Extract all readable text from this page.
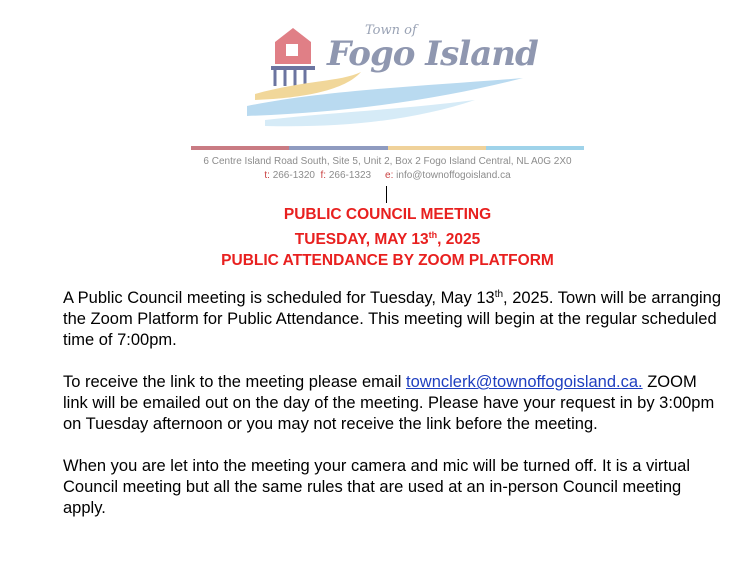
Town of
Fogo Island
6 Centre Island Road South, Site 5, Unit 2, Box 2 Fogo Island Central, NL A0G 2X0
t: 266-1320 f: 266-1323 e: info@townoffogoisland.ca
PUBLIC COUNCIL MEETING
TUESDAY, MAY 13th, 2025
PUBLIC ATTENDANCE BY ZOOM PLATFORM

A Public Council meeting is scheduled for Tuesday, May 13th, 2025. Town will be arranging the Zoom Platform for Public Attendance. This meeting will begin at the regular scheduled time of 7:00pm.

To receive the link to the meeting please email townclerk@townoffogoisland.ca. ZOOM link will be emailed out on the day of the meeting. Please have your request in by 3:00pm on Tuesday afternoon or you may not receive the link before the meeting.

When you are let into the meeting your camera and mic will be turned off. It is a virtual Council meeting but all the same rules that are used at an in-person Council meeting apply.
